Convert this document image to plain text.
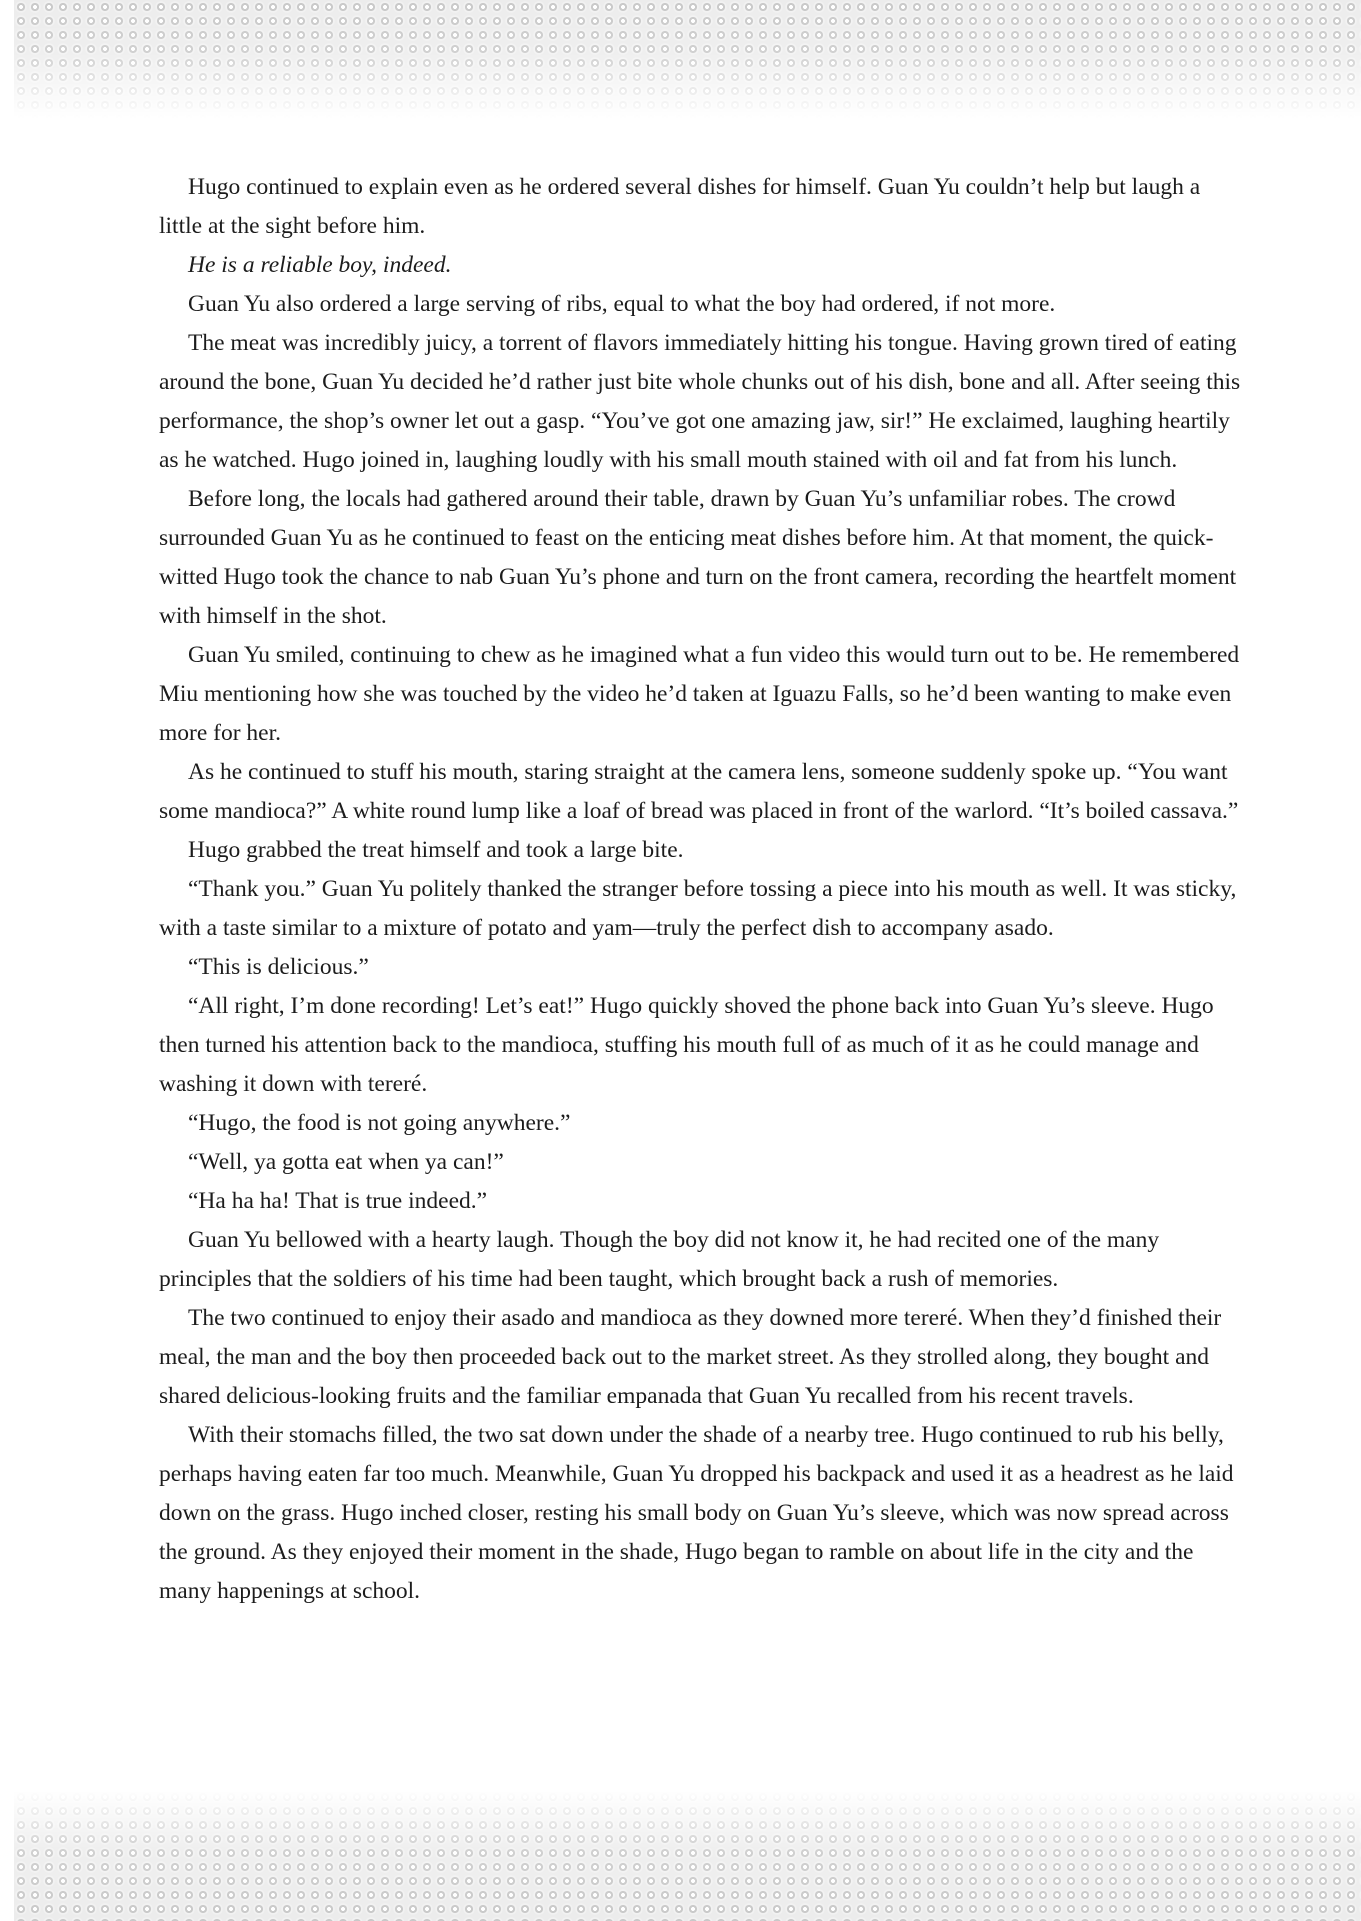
Hugo continued to explain even as he ordered several dishes for himself. Guan Yu couldn’t help but laugh a little at the sight before him.

He is a reliable boy, indeed.

Guan Yu also ordered a large serving of ribs, equal to what the boy had ordered, if not more.

The meat was incredibly juicy, a torrent of flavors immediately hitting his tongue. Having grown tired of eating around the bone, Guan Yu decided he’d rather just bite whole chunks out of his dish, bone and all. After seeing this performance, the shop’s owner let out a gasp. “You’ve got one amazing jaw, sir!” He exclaimed, laughing heartily as he watched. Hugo joined in, laughing loudly with his small mouth stained with oil and fat from his lunch.

Before long, the locals had gathered around their table, drawn by Guan Yu’s unfamiliar robes. The crowd surrounded Guan Yu as he continued to feast on the enticing meat dishes before him. At that moment, the quick-witted Hugo took the chance to nab Guan Yu’s phone and turn on the front camera, recording the heartfelt moment with himself in the shot.

Guan Yu smiled, continuing to chew as he imagined what a fun video this would turn out to be. He remembered Miu mentioning how she was touched by the video he’d taken at Iguazu Falls, so he’d been wanting to make even more for her.

As he continued to stuff his mouth, staring straight at the camera lens, someone suddenly spoke up. “You want some mandioca?” A white round lump like a loaf of bread was placed in front of the warlord. “It’s boiled cassava.”

Hugo grabbed the treat himself and took a large bite.

“Thank you.” Guan Yu politely thanked the stranger before tossing a piece into his mouth as well. It was sticky, with a taste similar to a mixture of potato and yam—truly the perfect dish to accompany asado.

“This is delicious.”

“All right, I’m done recording! Let’s eat!” Hugo quickly shoved the phone back into Guan Yu’s sleeve. Hugo then turned his attention back to the mandioca, stuffing his mouth full of as much of it as he could manage and washing it down with tereré.

“Hugo, the food is not going anywhere.”

“Well, ya gotta eat when ya can!”

“Ha ha ha! That is true indeed.”

Guan Yu bellowed with a hearty laugh. Though the boy did not know it, he had recited one of the many principles that the soldiers of his time had been taught, which brought back a rush of memories.

The two continued to enjoy their asado and mandioca as they downed more tereré. When they’d finished their meal, the man and the boy then proceeded back out to the market street. As they strolled along, they bought and shared delicious-looking fruits and the familiar empanada that Guan Yu recalled from his recent travels.

With their stomachs filled, the two sat down under the shade of a nearby tree. Hugo continued to rub his belly, perhaps having eaten far too much. Meanwhile, Guan Yu dropped his backpack and used it as a headrest as he laid down on the grass. Hugo inched closer, resting his small body on Guan Yu’s sleeve, which was now spread across the ground. As they enjoyed their moment in the shade, Hugo began to ramble on about life in the city and the many happenings at school.
